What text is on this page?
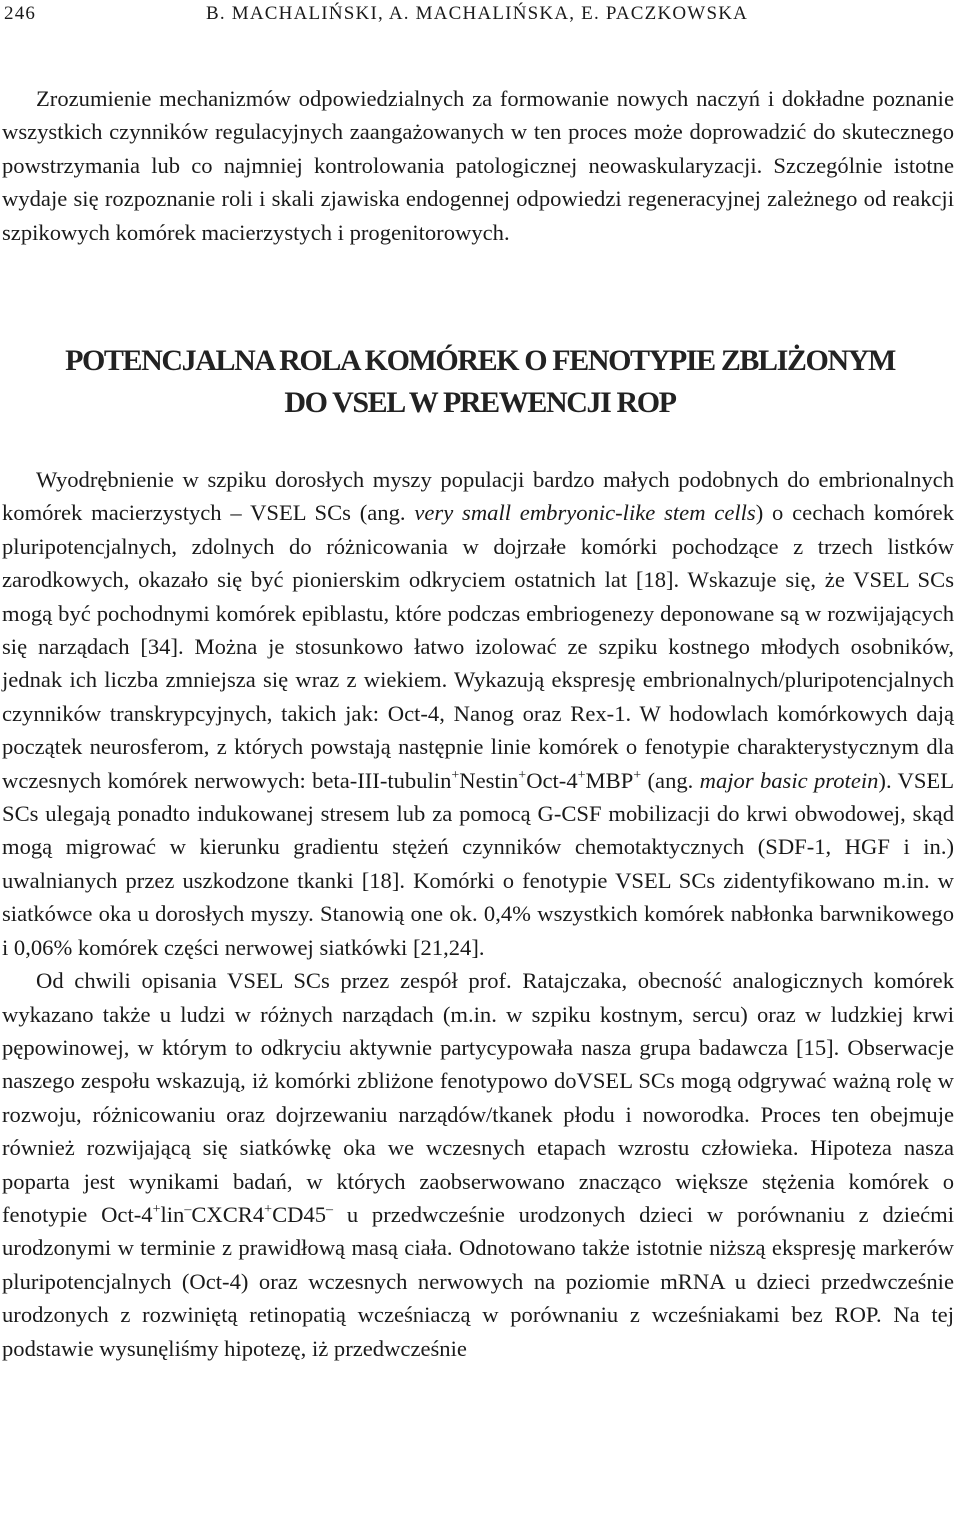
246	B. MACHALIŃSKI, A. MACHALIŃSKA, E. PACZKOWSKA

Zrozumienie mechanizmów odpowiedzialnych za formowanie nowych naczyń i dokładne poznanie wszystkich czynników regulacyjnych zaangażowanych w ten proces może doprowadzić do skutecznego powstrzymania lub co najmniej kontrolowania patologicznej neowaskularyzacji. Szczególnie istotne wydaje się rozpoznanie roli i skali zjawiska endogennej odpowiedzi regeneracyjnej zależnego od reakcji szpikowych komórek macierzystych i progenitorowych.

POTENCJALNA ROLA KOMÓREK O FENOTYPIE ZBLIŻONYM
DO VSEL W PREWENCJI ROP

Wyodrębnienie w szpiku dorosłych myszy populacji bardzo małych podobnych do embrionalnych komórek macierzystych – VSEL SCs (ang. very small embryonic-like stem cells) o cechach komórek pluripotencjalnych, zdolnych do różnicowania w dojrzałe komórki pochodzące z trzech listków zarodkowych, okazało się być pionierskim odkryciem ostatnich lat [18]. Wskazuje się, że VSEL SCs mogą być pochodnymi komórek epiblastu, które podczas embriogenezy deponowane są w rozwijających się narządach [34]. Można je stosunkowo łatwo izolować ze szpiku kostnego młodych osobników, jednak ich liczba zmniejsza się wraz z wiekiem. Wykazują ekspresję embrionalnych/pluripotencjalnych czynników transkrypcyjnych, takich jak: Oct-4, Nanog oraz Rex-1. W hodowlach komórkowych dają początek neurosferom, z których powstają następnie linie komórek o fenotypie charakterystycznym dla wczesnych komórek nerwowych: beta-III-tubulin+Nestin+Oct-4+MBP+ (ang. major basic protein). VSEL SCs ulegają ponadto indukowanej stresem lub za pomocą G-CSF mobilizacji do krwi obwodowej, skąd mogą migrować w kierunku gradientu stężeń czynników chemotaktycznych (SDF-1, HGF i in.) uwalnianych przez uszkodzone tkanki [18]. Komórki o fenotypie VSEL SCs zidentyfikowano m.in. w siatkówce oka u dorosłych myszy. Stanowią one ok. 0,4% wszystkich komórek nabłonka barwnikowego i 0,06% komórek części nerwowej siatkówki [21,24].

Od chwili opisania VSEL SCs przez zespół prof. Ratajczaka, obecność analogicznych komórek wykazano także u ludzi w różnych narządach (m.in. w szpiku kostnym, sercu) oraz w ludzkiej krwi pępowinowej, w którym to odkryciu aktywnie partycypowała nasza grupa badawcza [15]. Obserwacje naszego zespołu wskazują, iż komórki zbliżone fenotypowo doVSEL SCs mogą odgrywać ważną rolę w rozwoju, różnicowaniu oraz dojrzewaniu narządów/tkanek płodu i noworodka. Proces ten obejmuje również rozwijającą się siatkówkę oka we wczesnych etapach wzrostu człowieka. Hipoteza nasza poparta jest wynikami badań, w których zaobserwowano znacząco większe stężenia komórek o fenotypie Oct-4+lin–CXCR4+CD45– u przedwcześnie urodzonych dzieci w porównaniu z dziećmi urodzonymi w terminie z prawidłową masą ciała. Odnotowano także istotnie niższą ekspresję markerów pluripotencjalnych (Oct-4) oraz wczesnych nerwowych na poziomie mRNA u dzieci przedwcześnie urodzonych z rozwiniętą retinopatią wcześniaczą w porównaniu z wcześniakami bez ROP. Na tej podstawie wysunęliśmy hipotezę, iż przedwcześnie
